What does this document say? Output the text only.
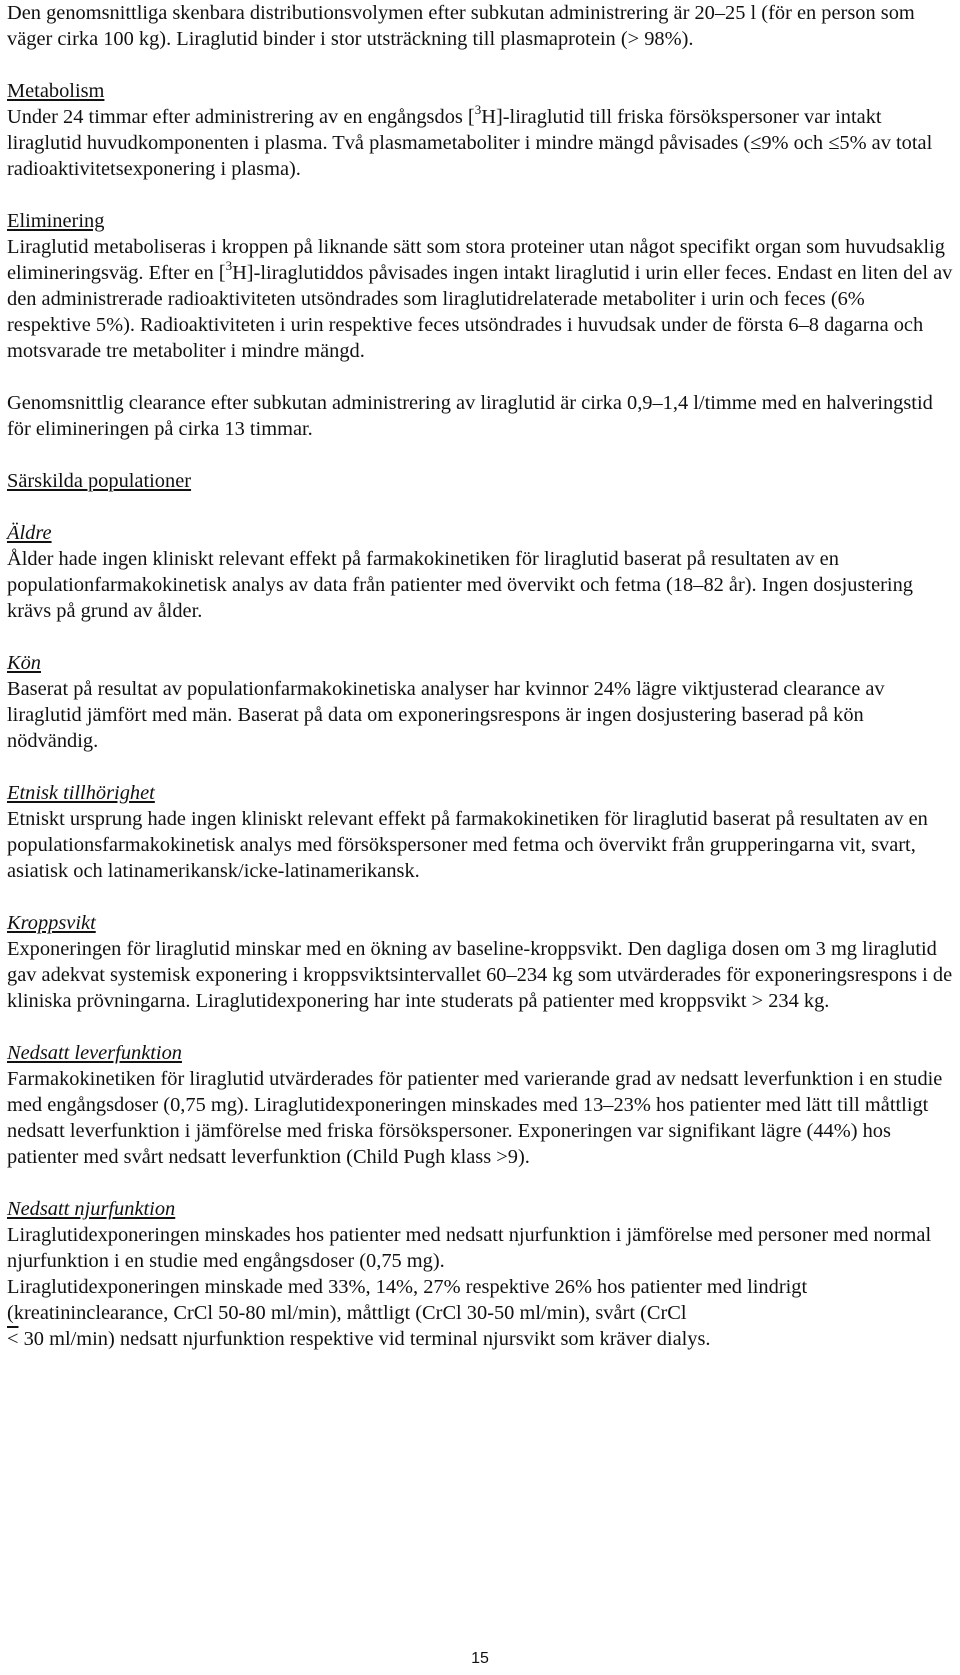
Den genomsnittliga skenbara distributionsvolymen efter subkutan administrering är 20–25 l (för en person som väger cirka 100 kg). Liraglutid binder i stor utsträckning till plasmaprotein (> 98%).

Metabolism

Under 24 timmar efter administrering av en engångsdos [$^3$H]-liraglutid till friska försökspersoner var intakt liraglutid huvudkomponenten i plasma. Två plasmametaboliter i mindre mängd påvisades (≤9% och ≤5% av total radioaktivitetsexponering i plasma).

Eliminering

Liraglutid metaboliseras i kroppen på liknande sätt som stora proteiner utan något specifikt organ som huvudsaklig elimineringsväg. Efter en [$^3$H]-liraglutiddos påvisades ingen intakt liraglutid i urin eller feces. Endast en liten del av den administrerade radioaktiviteten utsöndrades som liraglutidrelaterade metaboliter i urin och feces (6% respektive 5%). Radioaktiviteten i urin respektive feces utsöndrades i huvudsak under de första 6–8 dagarna och motsvarade tre metaboliter i mindre mängd.

Genomsnittlig clearance efter subkutan administrering av liraglutid är cirka 0,9–1,4 l/timme med en halveringstid för elimineringen på cirka 13 timmar.

Särskilda populationer

Äldre

Ålder hade ingen kliniskt relevant effekt på farmakokinetiken för liraglutid baserat på resultaten av en populationfarmakokinetisk analys av data från patienter med övervikt och fetma (18–82 år). Ingen dosjustering krävs på grund av ålder.

Kön

Baserat på resultat av populationfarmakokinetiska analyser har kvinnor 24% lägre viktjusterad clearance av liraglutid jämfört med män. Baserat på data om exponeringsrespons är ingen dosjustering baserad på kön nödvändig.

Etnisk tillhörighet

Etniskt ursprung hade ingen kliniskt relevant effekt på farmakokinetiken för liraglutid baserat på resultaten av en populationsfarmakokinetisk analys med försökspersoner med fetma och övervikt från grupperingarna vit, svart, asiatisk och latinamerikansk/icke-latinamerikansk.

Kroppsvikt

Exponeringen för liraglutid minskar med en ökning av baseline-kroppsvikt. Den dagliga dosen om 3 mg liraglutid gav adekvat systemisk exponering i kroppsviktsintervallet 60–234 kg som utvärderades för exponeringsrespons i de kliniska prövningarna. Liraglutidexponering har inte studerats på patienter med kroppsvikt > 234 kg.

Nedsatt leverfunktion

Farmakokinetiken för liraglutid utvärderades för patienter med varierande grad av nedsatt leverfunktion i en studie med engångsdoser (0,75 mg). Liraglutidexponeringen minskades med 13–23% hos patienter med lätt till måttligt nedsatt leverfunktion i jämförelse med friska försökspersoner. Exponeringen var signifikant lägre (44%) hos patienter med svårt nedsatt leverfunktion (Child Pugh klass >9).

Nedsatt njurfunktion

Liraglutidexponeringen minskades hos patienter med nedsatt njurfunktion i jämförelse med personer med normal njurfunktion i en studie med engångsdoser (0,75 mg).

Liraglutidexponeringen minskade med 33%, 14%, 27% respektive 26% hos patienter med lindrigt (kreatininclearance, CrCl 50-80 ml/min), måttligt (CrCl 30-50 ml/min), svårt (CrCl
< 30 ml/min) nedsatt njurfunktion respektive vid terminal njursvikt som kräver dialys.

15
